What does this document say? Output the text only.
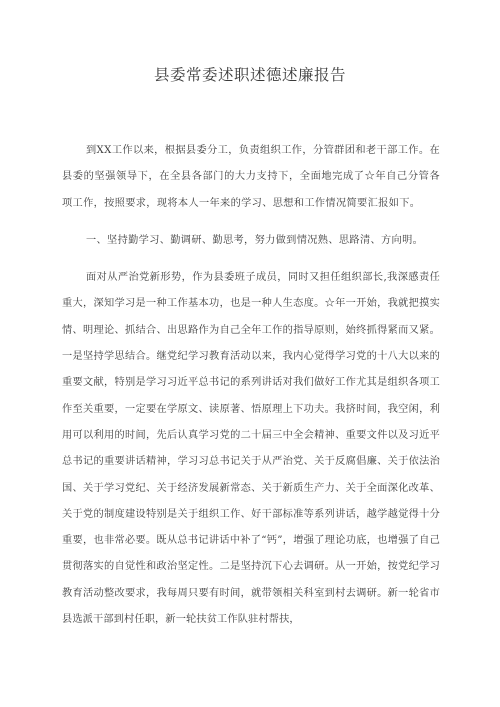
县委常委述职述德述廉报告

到XX工作以来，根据县委分工，负责组织工作，分管群团和老干部工作。在县委的坚强领导下，在全县各部门的大力支持下，全面地完成了☆年自己分管各项工作，按照要求，现将本人一年来的学习、思想和工作情况简要汇报如下。

一、坚持勤学习、勤调研、勤思考，努力做到情况熟、思路清、方向明。

面对从严治党新形势，作为县委班子成员，同时又担任组织部长,我深感责任重大，深知学习是一种工作基本功，也是一种人生态度。☆年一开始，我就把摸实情、明理论、抓结合、出思路作为自己全年工作的指导原则，始终抓得紧而又紧。一是坚持学思结合。继党纪学习教育活动以来，我内心觉得学习党的十八大以来的重要文献，特别是学习习近平总书记的系列讲话对我们做好工作尤其是组织各项工作至关重要，一定要在学原文、读原著、悟原理上下功夫。我挤时间，我空闲，利用可以利用的时间，先后认真学习党的二十届三中全会精神、重要文件以及习近平总书记的重要讲话精神，学习习总书记关于从严治党、关于反腐倡廉、关于依法治国、关于学习党纪、关于经济发展新常态、关于新质生产力、关于全面深化改革、关于党的制度建设特别是关于组织工作、好干部标准等系列讲话，越学越觉得十分重要，也非常必要。既从总书记讲话中补了“钙”，增强了理论功底，也增强了自己贯彻落实的自觉性和政治坚定性。二是坚持沉下心去调研。从一开始，按党纪学习教育活动整改要求，我每周只要有时间，就带领相关科室到村去调研。新一轮省市县选派干部到村任职，新一轮扶贫工作队驻村帮扶，
